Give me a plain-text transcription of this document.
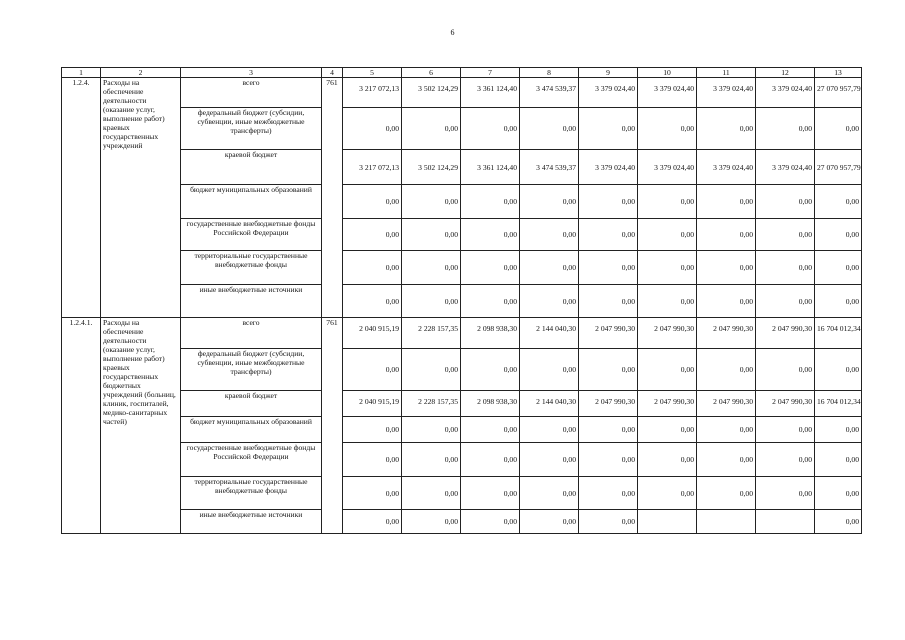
6
1	2	3	4	5	6	7	8	9	10	11	12	13
1.2.4.	Расходы на обеспечение деятельности (оказание услуг, выполнение работ) краевых государственных учреждений	всего	761	3 217 072,13	3 502 124,29	3 361 124,40	3 474 539,37	3 379 024,40	3 379 024,40	3 379 024,40	3 379 024,40	27 070 957,79
		федеральный бюджет (субсидии, субвенции, иные межбюджетные трансферты)		0,00	0,00	0,00	0,00	0,00	0,00	0,00	0,00	0,00
		краевой бюджет		3 217 072,13	3 502 124,29	3 361 124,40	3 474 539,37	3 379 024,40	3 379 024,40	3 379 024,40	3 379 024,40	27 070 957,79
		бюджет муниципальных образований		0,00	0,00	0,00	0,00	0,00	0,00	0,00	0,00	0,00
		государственные внебюджетные фонды Российской Федерации		0,00	0,00	0,00	0,00	0,00	0,00	0,00	0,00	0,00
		территориальные государственные внебюджетные фонды		0,00	0,00	0,00	0,00	0,00	0,00	0,00	0,00	0,00
		иные внебюджетные источники		0,00	0,00	0,00	0,00	0,00	0,00	0,00	0,00	0,00
1.2.4.1.	Расходы на обеспечение деятельности (оказание услуг, выполнение работ) краевых государственных бюджетных учреждений (больниц, клиник, госпиталей, медико-санитарных частей)	всего	761	2 040 915,19	2 228 157,35	2 098 938,30	2 144 040,30	2 047 990,30	2 047 990,30	2 047 990,30	2 047 990,30	16 704 012,34
		федеральный бюджет (субсидии, субвенции, иные межбюджетные трансферты)		0,00	0,00	0,00	0,00	0,00	0,00	0,00	0,00	0,00
		краевой бюджет		2 040 915,19	2 228 157,35	2 098 938,30	2 144 040,30	2 047 990,30	2 047 990,30	2 047 990,30	2 047 990,30	16 704 012,34
		бюджет муниципальных образований		0,00	0,00	0,00	0,00	0,00	0,00	0,00	0,00	0,00
		государственные внебюджетные фонды Российской Федерации		0,00	0,00	0,00	0,00	0,00	0,00	0,00	0,00	0,00
		территориальные государственные внебюджетные фонды		0,00	0,00	0,00	0,00	0,00	0,00	0,00	0,00	0,00
		иные внебюджетные источники		0,00	0,00	0,00	0,00	0,00				0,00
